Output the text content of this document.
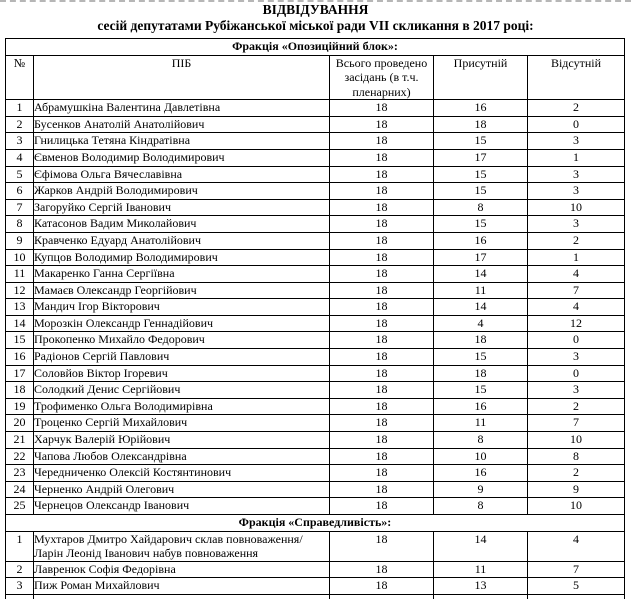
ВІДВІДУВАННЯ
сесій депутатами Рубіжанської міської ради VII скликання в 2017 році:
Фракція «Опозиційний блок»:				
№	ПІБ	Всього проведено засідань (в т.ч. пленарних)	Присутній	Відсутній
1	Абрамушкіна Валентина Давлетівна	18	16	2
2	Бусенков Анатолій Анатолійович	18	18	0
3	Гнилицька Тетяна Кіндратівна	18	15	3
4	Євменов Володимир Володимирович	18	17	1
5	Єфімова Ольга Вячеславівна	18	15	3
6	Жарков Андрій Володимирович	18	15	3
7	Загоруйко Сергій Іванович	18	8	10
8	Катасонов Вадим Миколайович	18	15	3
9	Кравченко Едуард Анатолійович	18	16	2
10	Купцов Володимир Володимирович	18	17	1
11	Макаренко Ганна Сергіївна	18	14	4
12	Мамаєв Олександр Георгійович	18	11	7
13	Мандич Ігор Вікторович	18	14	4
14	Морозкін Олександр Геннадійович	18	4	12
15	Прокопенко Михайло Федорович	18	18	0
16	Радіонов Сергій Павлович	18	15	3
17	Соловйов Віктор Ігоревич	18	18	0
18	Солодкий Денис Сергійович	18	15	3
19	Трофименко Ольга Володимирівна	18	16	2
20	Троценко Сергій Михайлович	18	11	7
21	Харчук Валерій Юрійович	18	8	10
22	Чапова Любов Олександрівна	18	10	8
23	Чередниченко Олексій Костянтинович	18	16	2
24	Черненко Андрій Олегович	18	9	9
25	Чернецов Олександр Іванович	18	8	10
Фракція «Справедливість»:				
1	Мухтаров Дмитро Хайдарович склав повноваження/Ларін Леонід Іванович набув повноваження	18	14	4
2	Лавренюк Софія Федорівна	18	11	7
3	Пиж Роман Михайлович	18	13	5
